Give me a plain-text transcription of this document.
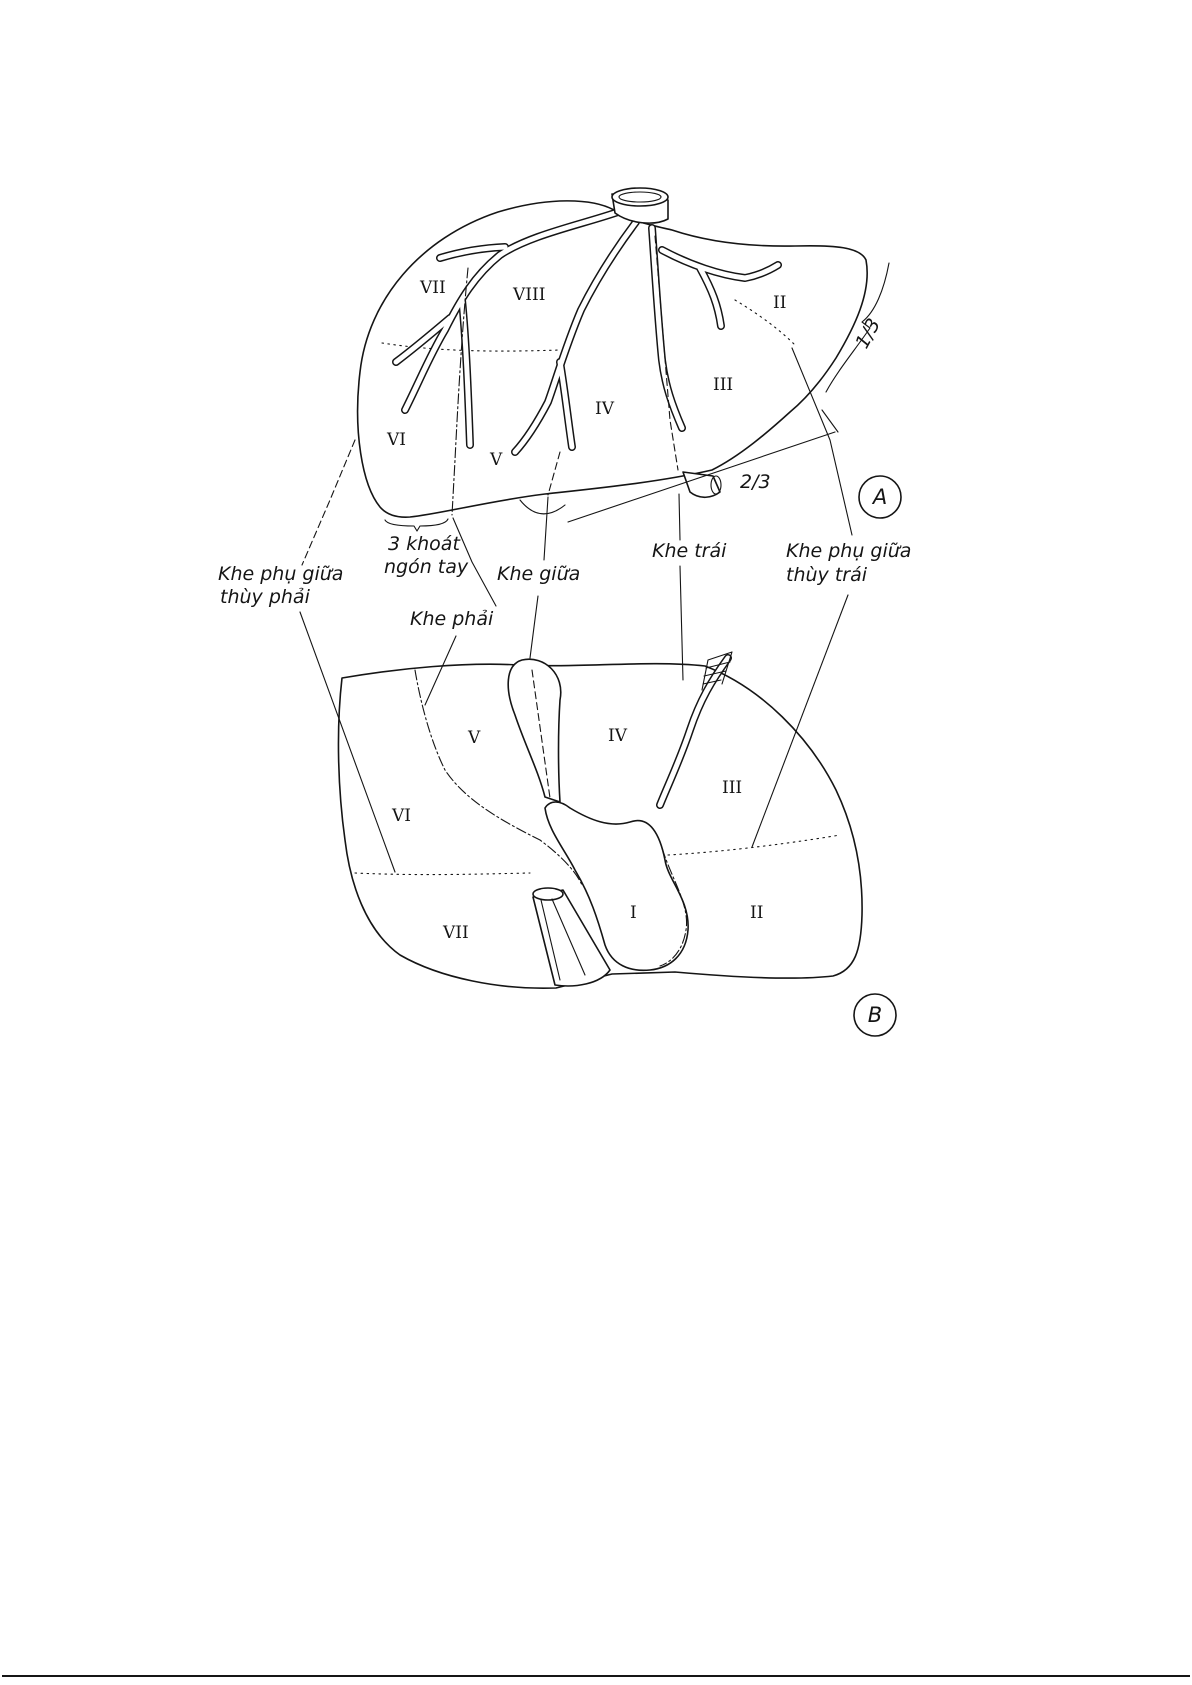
VII	VIII	II
III
IV
VI
V
1/3
2/3
A
3 khoát
ngón tay
Khe phụ giữa
thùy phải
Khe giữa
Khe phải
Khe trái	Khe phụ giữa
thùy trái
V	IV
III
VI
VII
I	II
B
